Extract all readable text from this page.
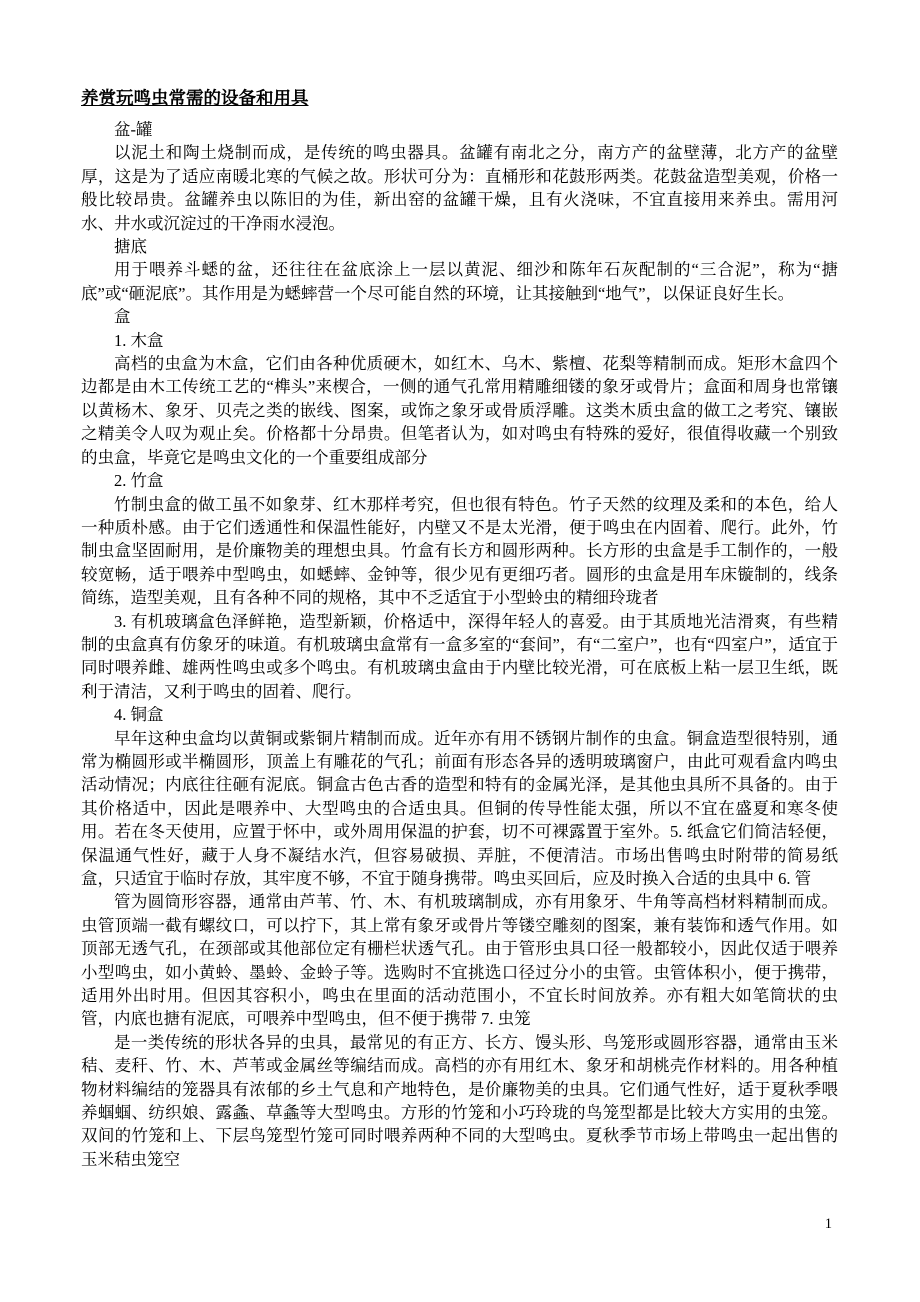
养赏玩鸣虫常需的设备和用具

盆-罐

以泥土和陶土烧制而成，是传统的鸣虫器具。盆罐有南北之分，南方产的盆壁薄，北方产的盆壁厚，这是为了适应南暖北寒的气候之故。形状可分为：直桶形和花鼓形两类。花鼓盆造型美观，价格一般比较昂贵。盆罐养虫以陈旧的为佳，新出窑的盆罐干燥，且有火浇味，不宜直接用来养虫。需用河水、井水或沉淀过的干净雨水浸泡。

搪底

用于喂养斗蟋的盆，还往往在盆底涂上一层以黄泥、细沙和陈年石灰配制的“三合泥”，称为“搪底”或“砸泥底”。其作用是为蟋蟀营一个尽可能自然的环境，让其接触到“地气”，以保证良好生长。

盒

1. 木盒

高档的虫盒为木盒，它们由各种优质硬木，如红木、乌木、紫檀、花梨等精制而成。矩形木盒四个边都是由木工传统工艺的“榫头”来楔合，一侧的通气孔常用精雕细镂的象牙或骨片；盒面和周身也常镶以黄杨木、象牙、贝壳之类的嵌线、图案，或饰之象牙或骨质浮雕。这类木质虫盒的做工之考究、镶嵌之精美令人叹为观止矣。价格都十分昂贵。但笔者认为，如对鸣虫有特殊的爱好，很值得收藏一个别致的虫盒，毕竟它是鸣虫文化的一个重要组成部分

2. 竹盒

竹制虫盒的做工虽不如象芽、红木那样考究，但也很有特色。竹子天然的纹理及柔和的本色，给人一种质朴感。由于它们透通性和保温性能好，内壁又不是太光滑，便于鸣虫在内固着、爬行。此外，竹制虫盒坚固耐用，是价廉物美的理想虫具。竹盒有长方和圆形两种。长方形的虫盒是手工制作的，一般较宽畅，适于喂养中型鸣虫，如蟋蟀、金钟等，很少见有更细巧者。圆形的虫盒是用车床镟制的，线条简练，造型美观，且有各种不同的规格，其中不乏适宜于小型蛉虫的精细玲珑者

3. 有机玻璃盒色泽鲜艳，造型新颖，价格适中，深得年轻人的喜爱。由于其质地光洁滑爽，有些精制的虫盒真有仿象牙的味道。有机玻璃虫盒常有一盒多室的“套间”，有“二室户”，也有“四室户”，适宜于同时喂养雌、雄两性鸣虫或多个鸣虫。有机玻璃虫盒由于内壁比较光滑，可在底板上粘一层卫生纸，既利于清洁，又利于鸣虫的固着、爬行。

4. 铜盒

早年这种虫盒均以黄铜或紫铜片精制而成。近年亦有用不锈钢片制作的虫盒。铜盒造型很特别，通常为椭圆形或半椭圆形，顶盖上有雕花的气孔；前面有形态各异的透明玻璃窗户，由此可观看盒内鸣虫活动情况；内底往往砸有泥底。铜盒古色古香的造型和特有的金属光泽，是其他虫具所不具备的。由于其价格适中，因此是喂养中、大型鸣虫的合适虫具。但铜的传导性能太强，所以不宜在盛夏和寒冬使用。若在冬天使用，应置于怀中，或外周用保温的护套，切不可裸露置于室外。5. 纸盒它们简洁轻便，保温通气性好，藏于人身不凝结水汽，但容易破损、弄脏，不便清洁。市场出售鸣虫时附带的简易纸盒，只适宜于临时存放，其牢度不够，不宜于随身携带。鸣虫买回后，应及时换入合适的虫具中 6. 管

管为圆筒形容器，通常由芦苇、竹、木、有机玻璃制成，亦有用象牙、牛角等高档材料精制而成。虫管顶端一截有螺纹口，可以拧下，其上常有象牙或骨片等镂空雕刻的图案，兼有装饰和透气作用。如顶部无透气孔，在颈部或其他部位定有栅栏状透气孔。由于管形虫具口径一般都较小，因此仅适于喂养小型鸣虫，如小黄蛉、墨蛉、金蛉子等。选购时不宜挑选口径过分小的虫管。虫管体积小，便于携带，适用外出时用。但因其容积小，鸣虫在里面的活动范围小，不宜长时间放养。亦有粗大如笔筒状的虫管，内底也搪有泥底，可喂养中型鸣虫，但不便于携带 7. 虫笼

是一类传统的形状各异的虫具，最常见的有正方、长方、馒头形、鸟笼形或圆形容器，通常由玉米秸、麦秆、竹、木、芦苇或金属丝等编结而成。高档的亦有用红木、象牙和胡桃壳作材料的。用各种植物材料编结的笼器具有浓郁的乡土气息和产地特色，是价廉物美的虫具。它们通气性好，适于夏秋季喂养蝈蝈、纺织娘、露螽、草螽等大型鸣虫。方形的竹笼和小巧玲珑的鸟笼型都是比较大方实用的虫笼。双间的竹笼和上、下层鸟笼型竹笼可同时喂养两种不同的大型鸣虫。夏秋季节市场上带鸣虫一起出售的玉米秸虫笼空

1
